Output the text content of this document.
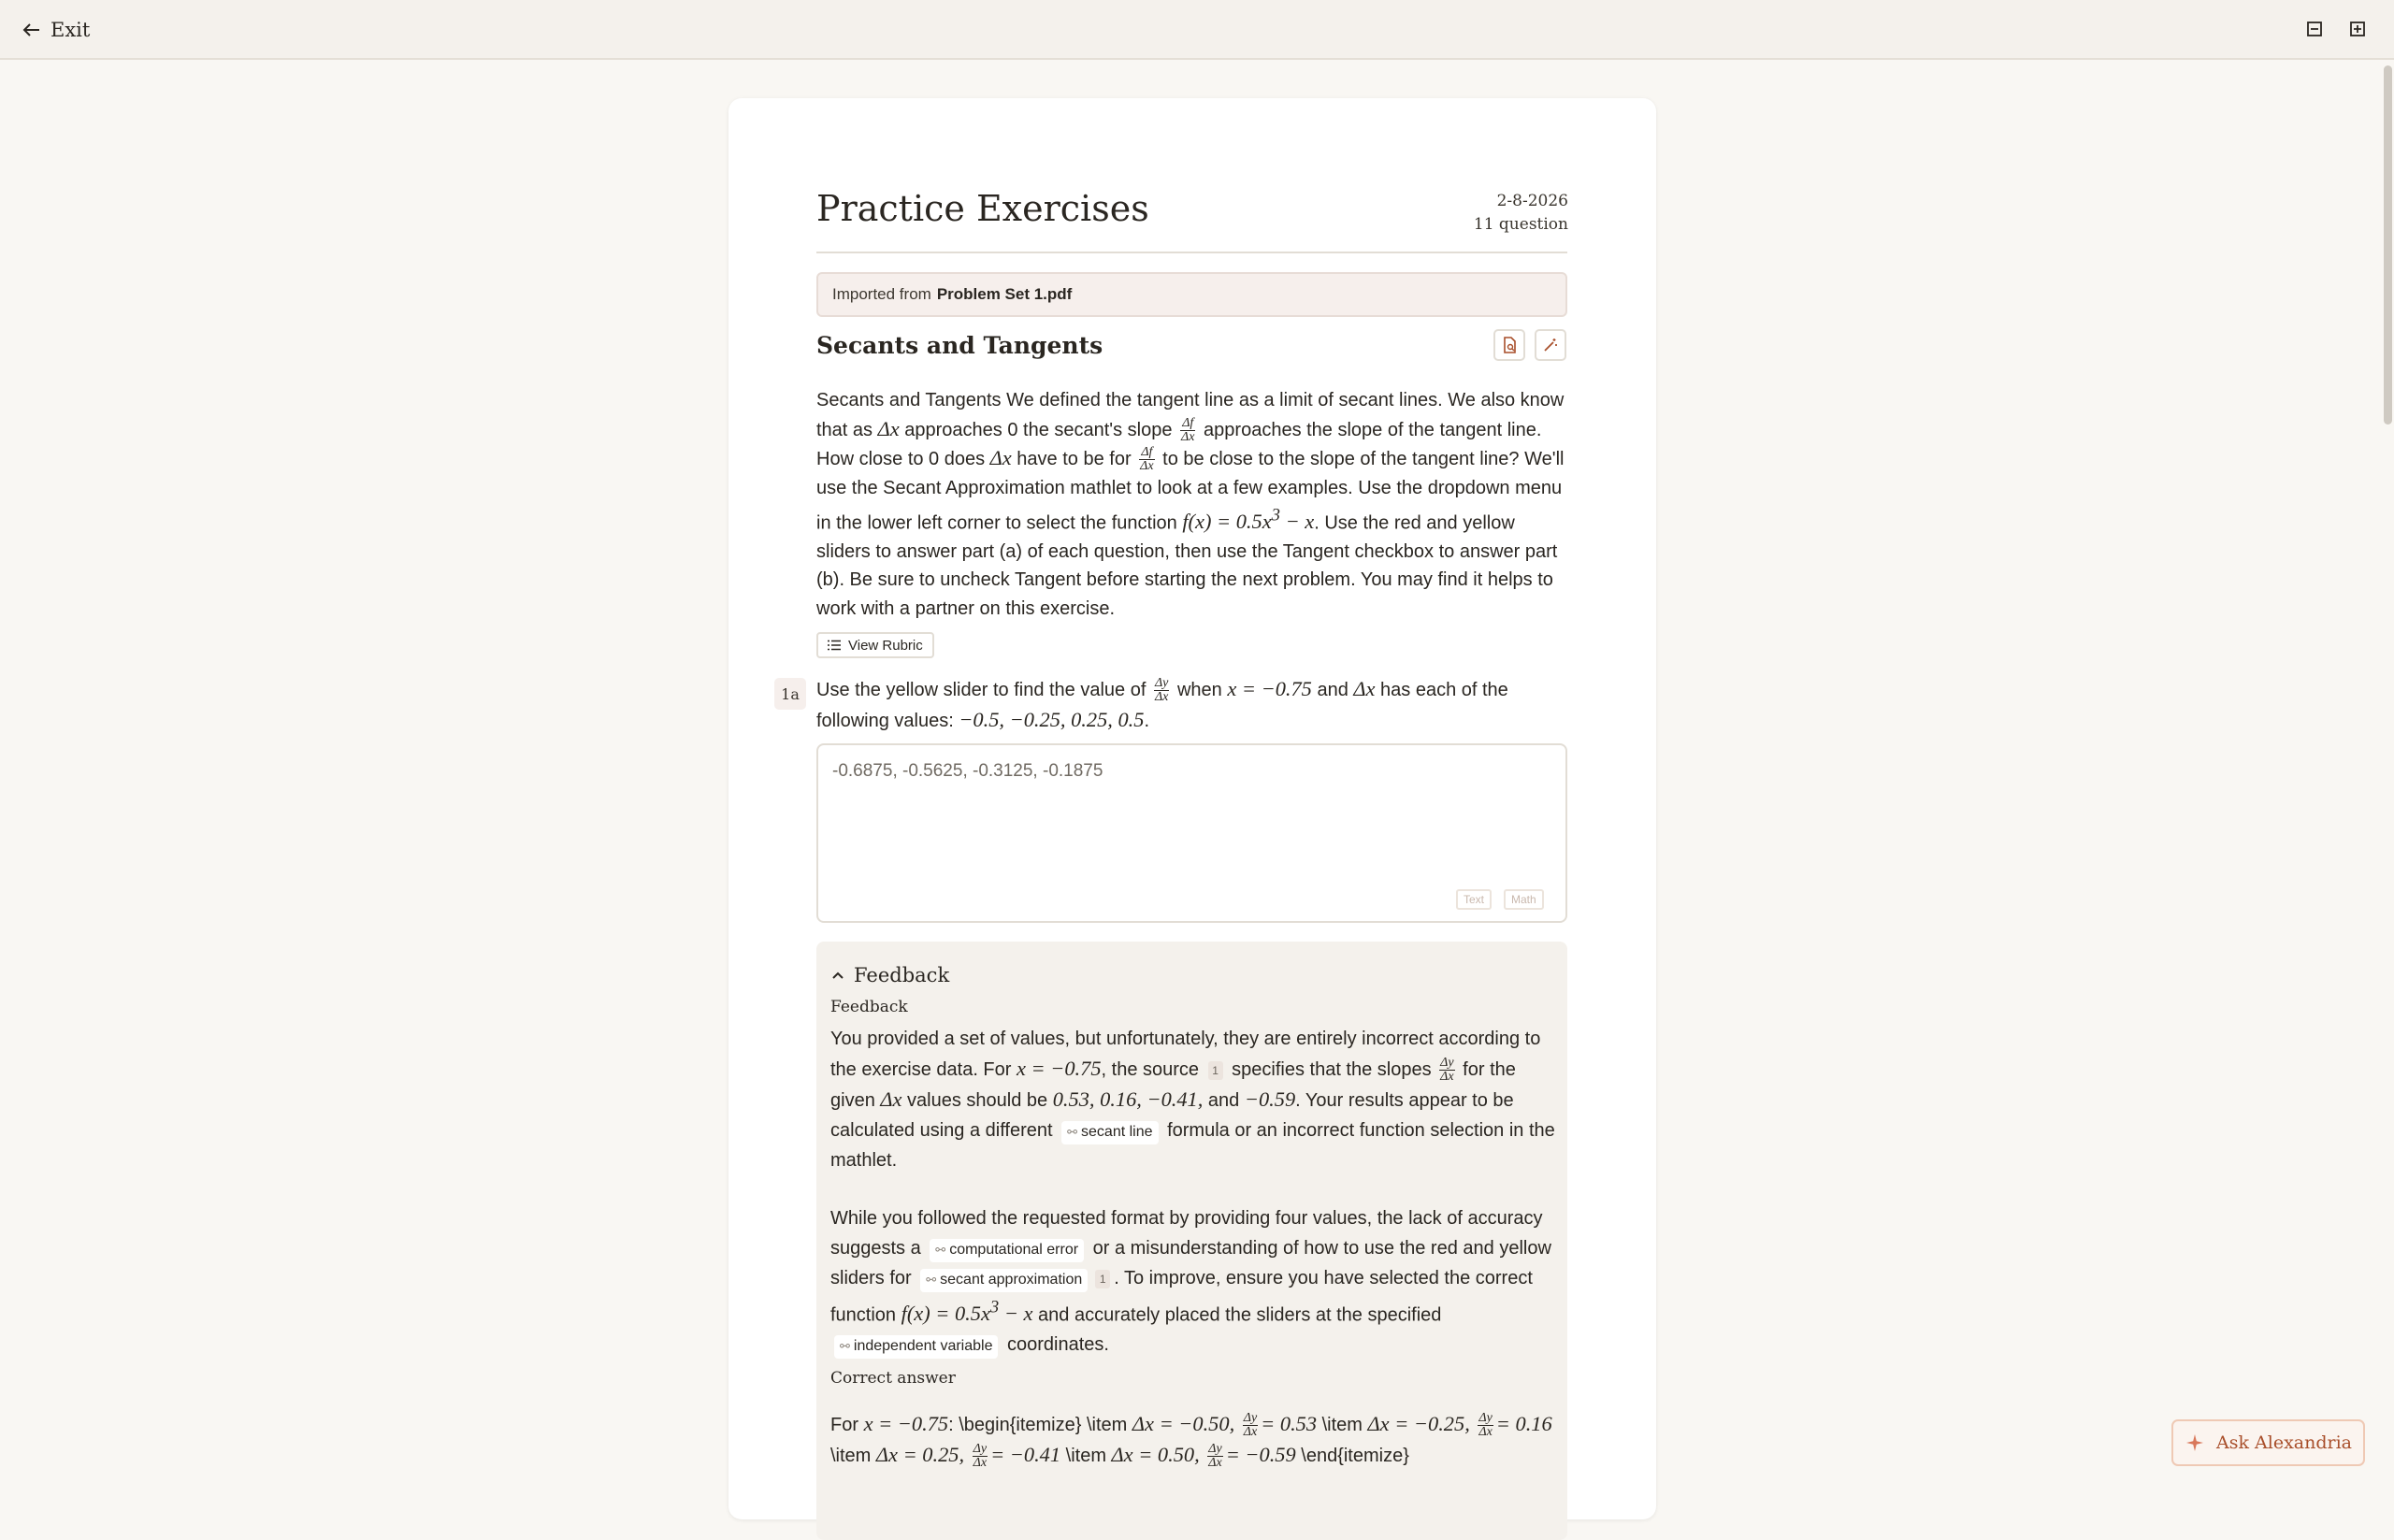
Exit
Practice Exercises	2-8-2026
11 question
Imported from Problem Set 1.pdf
Secants and Tangents
Secants and Tangents We defined the tangent line as a limit of secant lines. We also know that as Δx approaches 0 the secant's slope $\frac{\Delta f}{\Delta x}$ approaches the slope of the tangent line. How close to 0 does Δx have to be for $\frac{\Delta f}{\Delta x}$ to be close to the slope of the tangent line? We'll use the Secant Approximation mathlet to look at a few examples. Use the dropdown menu in the lower left corner to select the function $f(x) = 0.5x^3 - x$. Use the red and yellow sliders to answer part (a) of each question, then use the Tangent checkbox to answer part (b). Be sure to uncheck Tangent before starting the next problem. You may find it helps to work with a partner on this exercise.
View Rubric
1a Use the yellow slider to find the value of $\frac{\Delta y}{\Delta x}$ when x = −0.75 and Δx has each of the following values: −0.5, −0.25, 0.25, 0.5.
-0.6875, -0.5625, -0.3125, -0.1875
Text	Math
Feedback
Feedback
You provided a set of values, but unfortunately, they are entirely incorrect according to the exercise data. For x = −0.75, the source 1 specifies that the slopes $\frac{\Delta y}{\Delta x}$ for the given Δx values should be 0.53, 0.16, −0.41, and −0.59. Your results appear to be calculated using a different ⚯ secant line formula or an incorrect function selection in the mathlet.
While you followed the requested format by providing four values, the lack of accuracy suggests a ⚯ computational error or a misunderstanding of how to use the red and yellow sliders for ⚯ secant approximation 1 . To improve, ensure you have selected the correct function $f(x) = 0.5x^3 - x$ and accurately placed the sliders at the specified ⚯ independent variable coordinates.
Correct answer
For x = −0.75: \begin{itemize} \item Δx = −0.50, $\frac{\Delta y}{\Delta x} = 0.53$ \item Δx = −0.25, $\frac{\Delta y}{\Delta x} = 0.16$ \item Δx = 0.25, $\frac{\Delta y}{\Delta x} = -0.41$ \item Δx = 0.50, $\frac{\Delta y}{\Delta x} = -0.59$ \end{itemize}
Ask Alexandria
